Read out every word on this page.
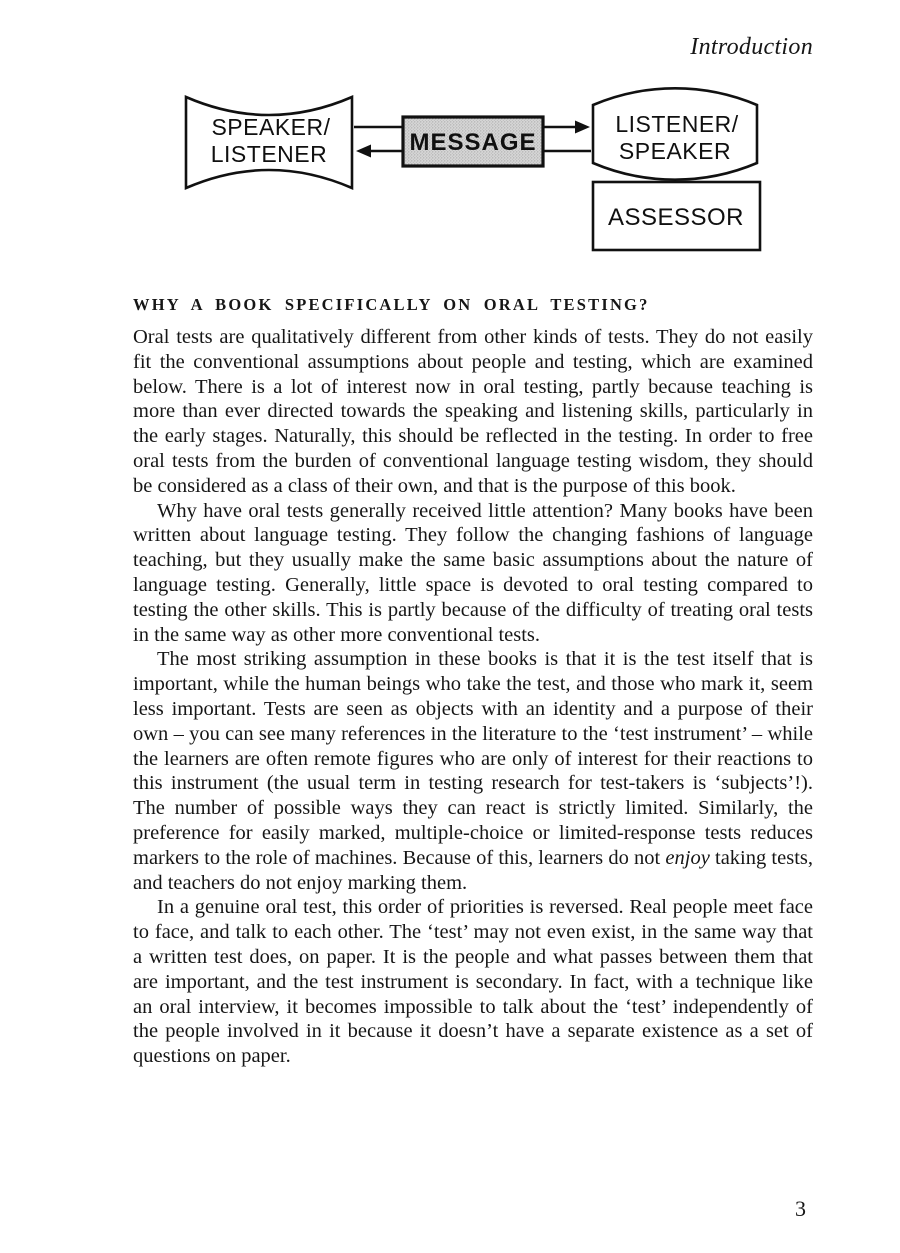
Introduction
SPEAKER/
LISTENER	MESSAGE
LISTENER/
SPEAKER
ASSESSOR
WHY A BOOK SPECIFICALLY ON ORAL TESTING?

Oral tests are qualitatively different from other kinds of tests. They do not easily fit the conventional assumptions about people and testing, which are examined below. There is a lot of interest now in oral testing, partly because teaching is more than ever directed towards the speaking and listening skills, particularly in the early stages. Naturally, this should be reflected in the testing. In order to free oral tests from the burden of conventional language testing wisdom, they should be considered as a class of their own, and that is the purpose of this book.

Why have oral tests generally received little attention? Many books have been written about language testing. They follow the changing fashions of language teaching, but they usually make the same basic assumptions about the nature of language testing. Generally, little space is devoted to oral testing compared to testing the other skills. This is partly because of the difficulty of treating oral tests in the same way as other more conventional tests.

The most striking assumption in these books is that it is the test itself that is important, while the human beings who take the test, and those who mark it, seem less important. Tests are seen as objects with an identity and a purpose of their own – you can see many references in the literature to the ‘test instrument’ – while the learners are often remote figures who are only of interest for their reactions to this instrument (the usual term in testing research for test-takers is ‘subjects’!). The number of possible ways they can react is strictly limited. Similarly, the preference for easily marked, multiple-choice or limited-response tests reduces markers to the role of machines. Because of this, learners do not enjoy taking tests, and teachers do not enjoy marking them.

In a genuine oral test, this order of priorities is reversed. Real people meet face to face, and talk to each other. The ‘test’ may not even exist, in the same way that a written test does, on paper. It is the people and what passes between them that are important, and the test instrument is secondary. In fact, with a technique like an oral interview, it becomes impossible to talk about the ‘test’ independently of the people involved in it because it doesn’t have a separate existence as a set of questions on paper.

3
